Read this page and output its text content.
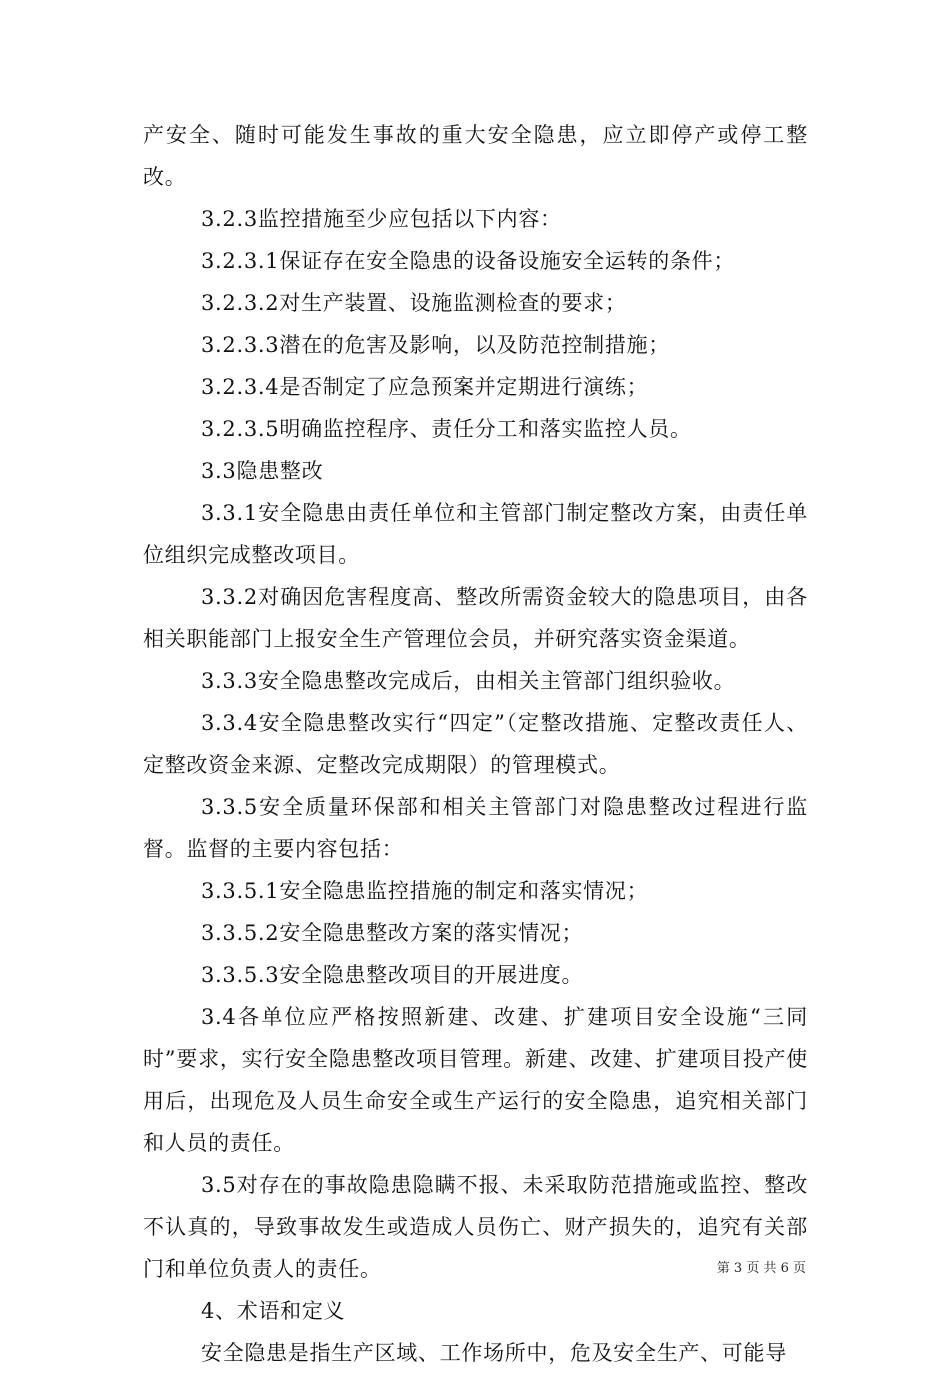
产安全、随时可能发生事故的重大安全隐患，应立即停产或停工整改。

3.2.3监控措施至少应包括以下内容：

3.2.3.1保证存在安全隐患的设备设施安全运转的条件；

3.2.3.2对生产装置、设施监测检查的要求；

3.2.3.3潜在的危害及影响，以及防范控制措施；

3.2.3.4是否制定了应急预案并定期进行演练；

3.2.3.5明确监控程序、责任分工和落实监控人员。

3.3隐患整改

3.3.1安全隐患由责任单位和主管部门制定整改方案，由责任单位组织完成整改项目。

3.3.2对确因危害程度高、整改所需资金较大的隐患项目，由各相关职能部门上报安全生产管理位会员，并研究落实资金渠道。

3.3.3安全隐患整改完成后，由相关主管部门组织验收。

3.3.4安全隐患整改实行“四定”（定整改措施、定整改责任人、定整改资金来源、定整改完成期限）的管理模式。

3.3.5安全质量环保部和相关主管部门对隐患整改过程进行监督。监督的主要内容包括：

3.3.5.1安全隐患监控措施的制定和落实情况；

3.3.5.2安全隐患整改方案的落实情况；

3.3.5.3安全隐患整改项目的开展进度。

3.4各单位应严格按照新建、改建、扩建项目安全设施“三同时”要求，实行安全隐患整改项目管理。新建、改建、扩建项目投产使用后，出现危及人员生命安全或生产运行的安全隐患，追究相关部门和人员的责任。

3.5对存在的事故隐患隐瞒不报、未采取防范措施或监控、整改不认真的，导致事故发生或造成人员伤亡、财产损失的，追究有关部门和单位负责人的责任。

4、术语和定义

安全隐患是指生产区域、工作场所中，危及安全生产、可能导

第 3 页 共 6 页
